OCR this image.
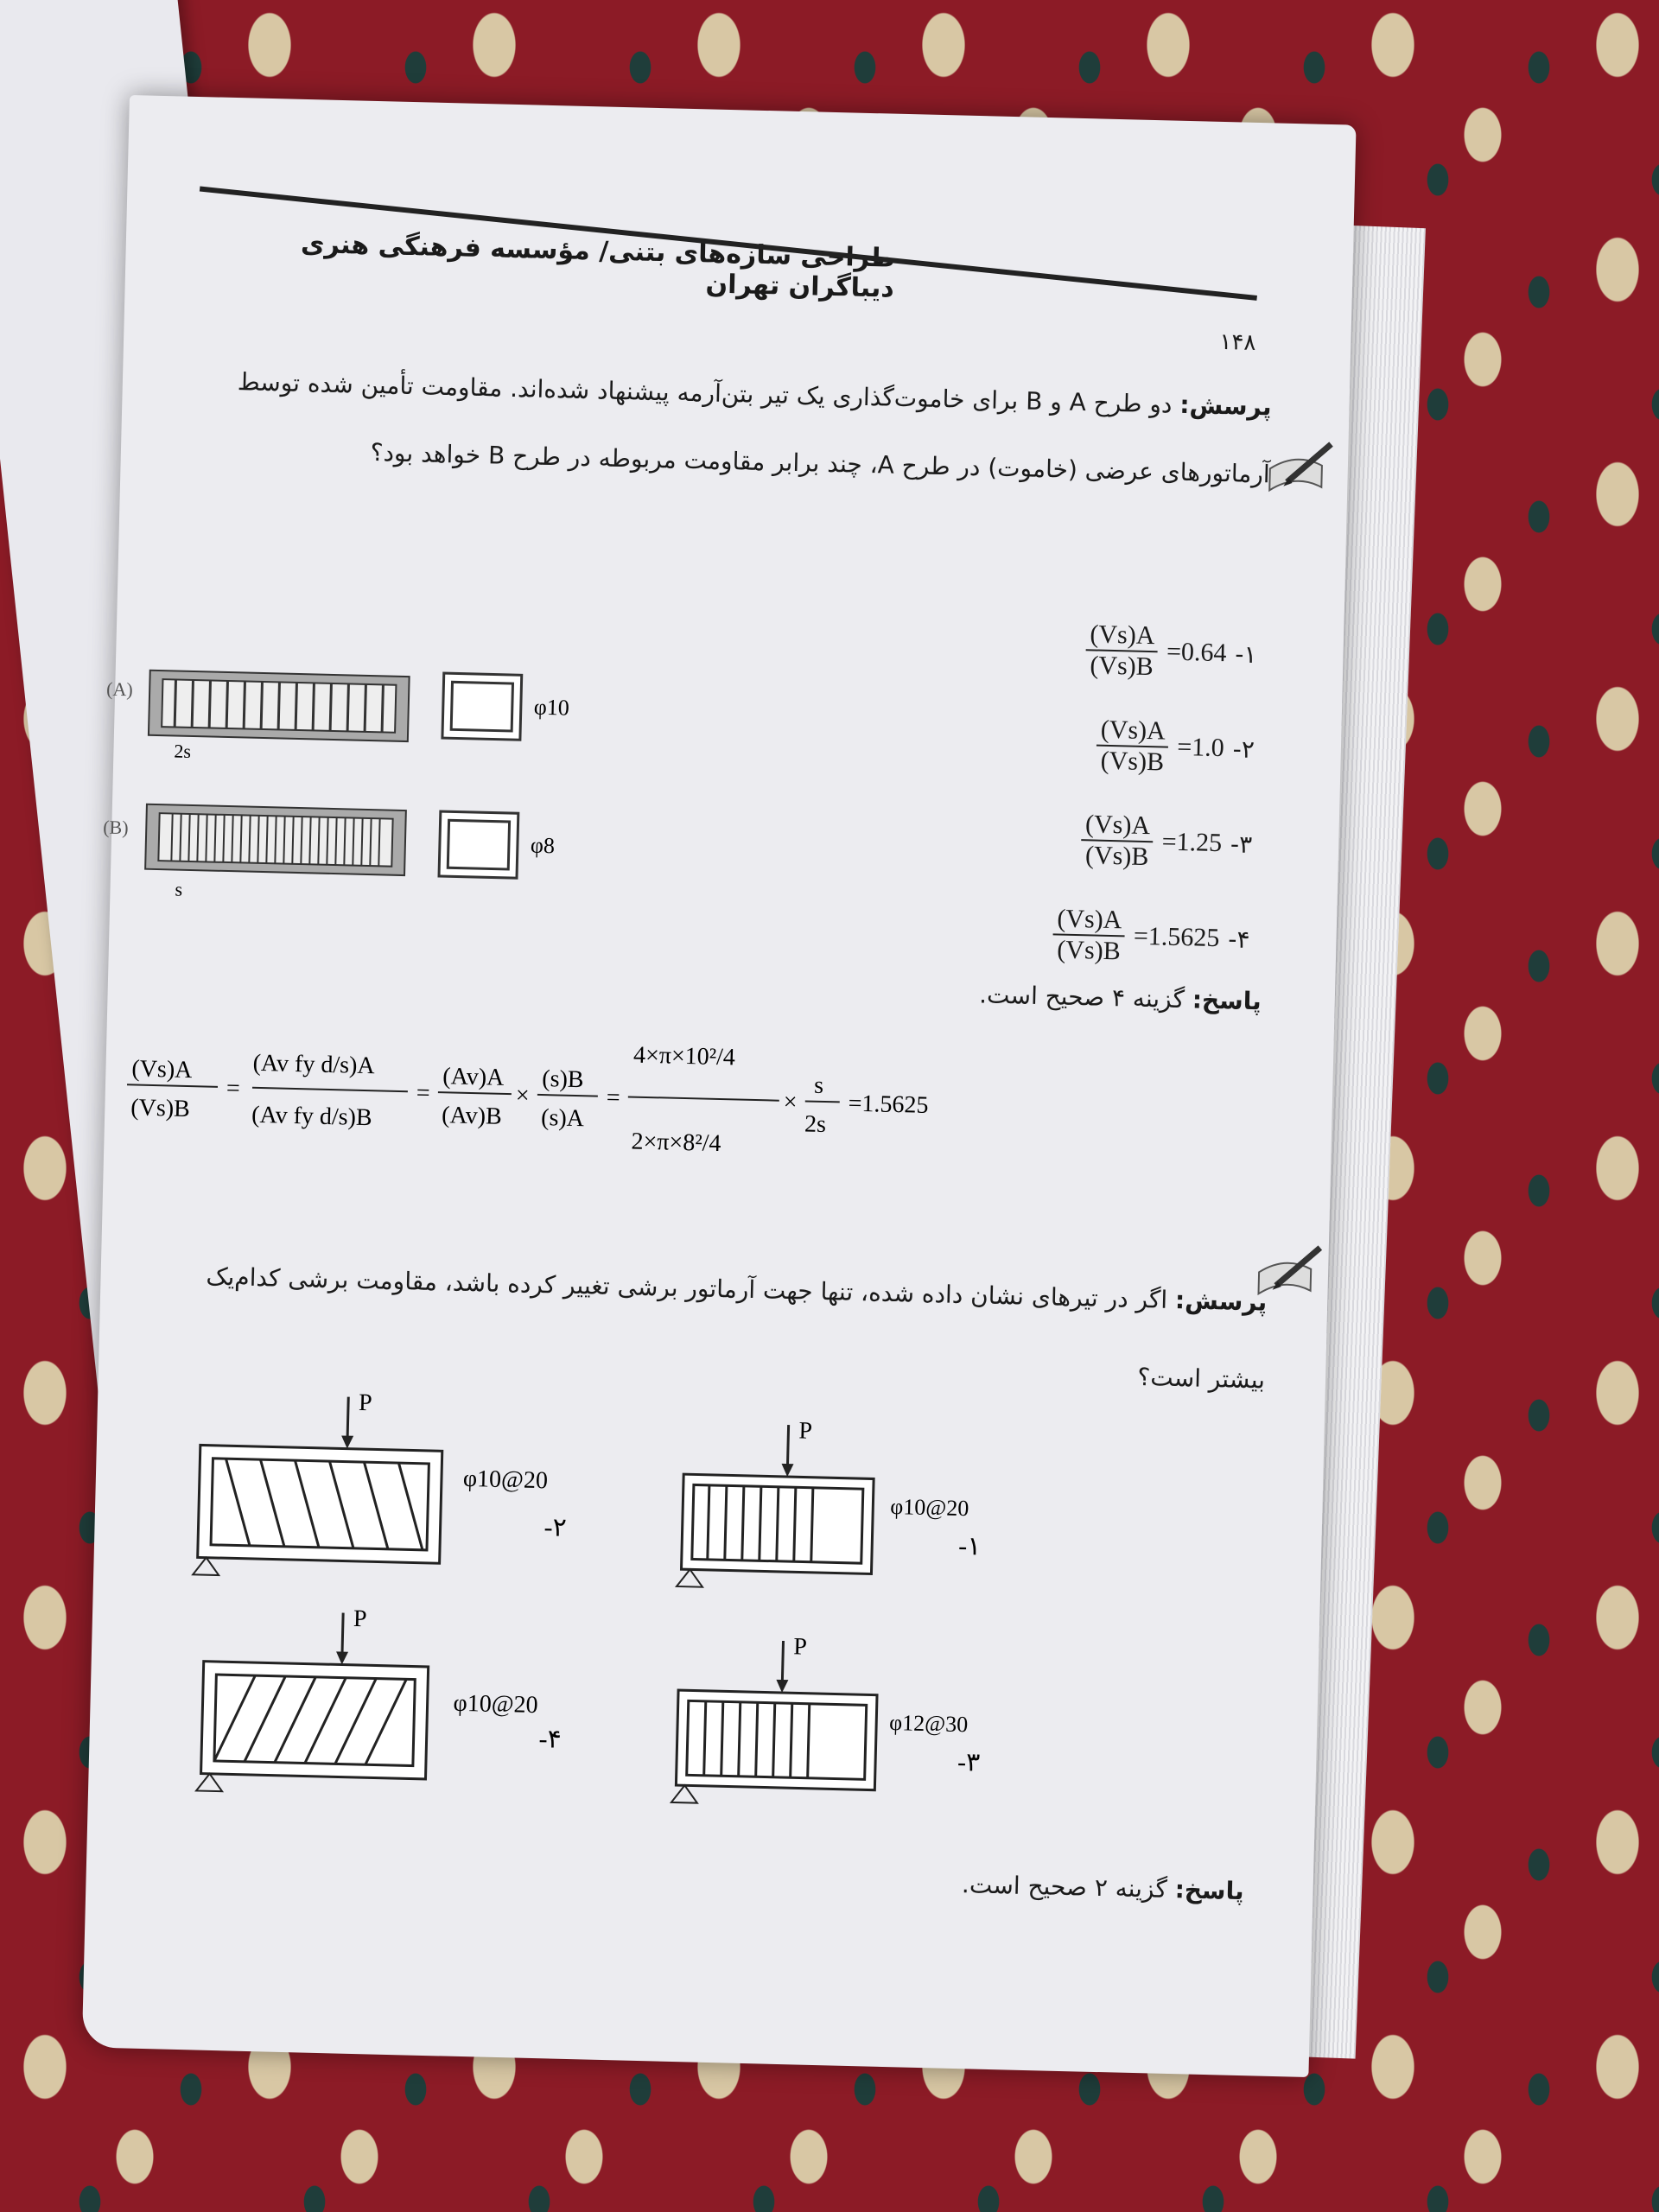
طراحی سازه‌های بتنی/ مؤسسه فرهنگی هنری دیباگران تهران
۱۴۸
پرسش: دو طرح A و B برای خاموت‌گذاری یک تیر بتن‌آرمه پیشنهاد شده‌اند. مقاومت تأمین شده توسط آرماتورهای عرضی (خاموت) در طرح A، چند برابر مقاومت مربوطه در طرح B خواهد بود؟
(A)
2s
φ10
(B)
s
φ8
-۱
=0.64
$\frac{(Vs)A}{(Vs)B}$
-۲
=1.0
$\frac{(Vs)A}{(Vs)B}$
-۳
=1.25
$\frac{(Vs)A}{(Vs)B}$
-۴
=1.5625
$\frac{(Vs)A}{(Vs)B}$
پاسخ: گزینه ۴ صحیح است.
(Vs)A
(Vs)B
=
(Av fy d/s)A
(Av fy d/s)B
=
(Av)A
(Av)B
×
(s)B
(s)A
=
4×π×10²/4
2×π×8²/4
×
s
2s
=1.5625
پرسش: اگر در تیرهای نشان داده شده، تنها جهت آرماتور برشی تغییر کرده باشد، مقاومت برشی کدام‌یک بیشتر است؟
P
φ10@20
-۲
P
φ10@20
-۱
P
φ10@20
-۴
P
φ12@30
-۳
پاسخ: گزینه ۲ صحیح است.
